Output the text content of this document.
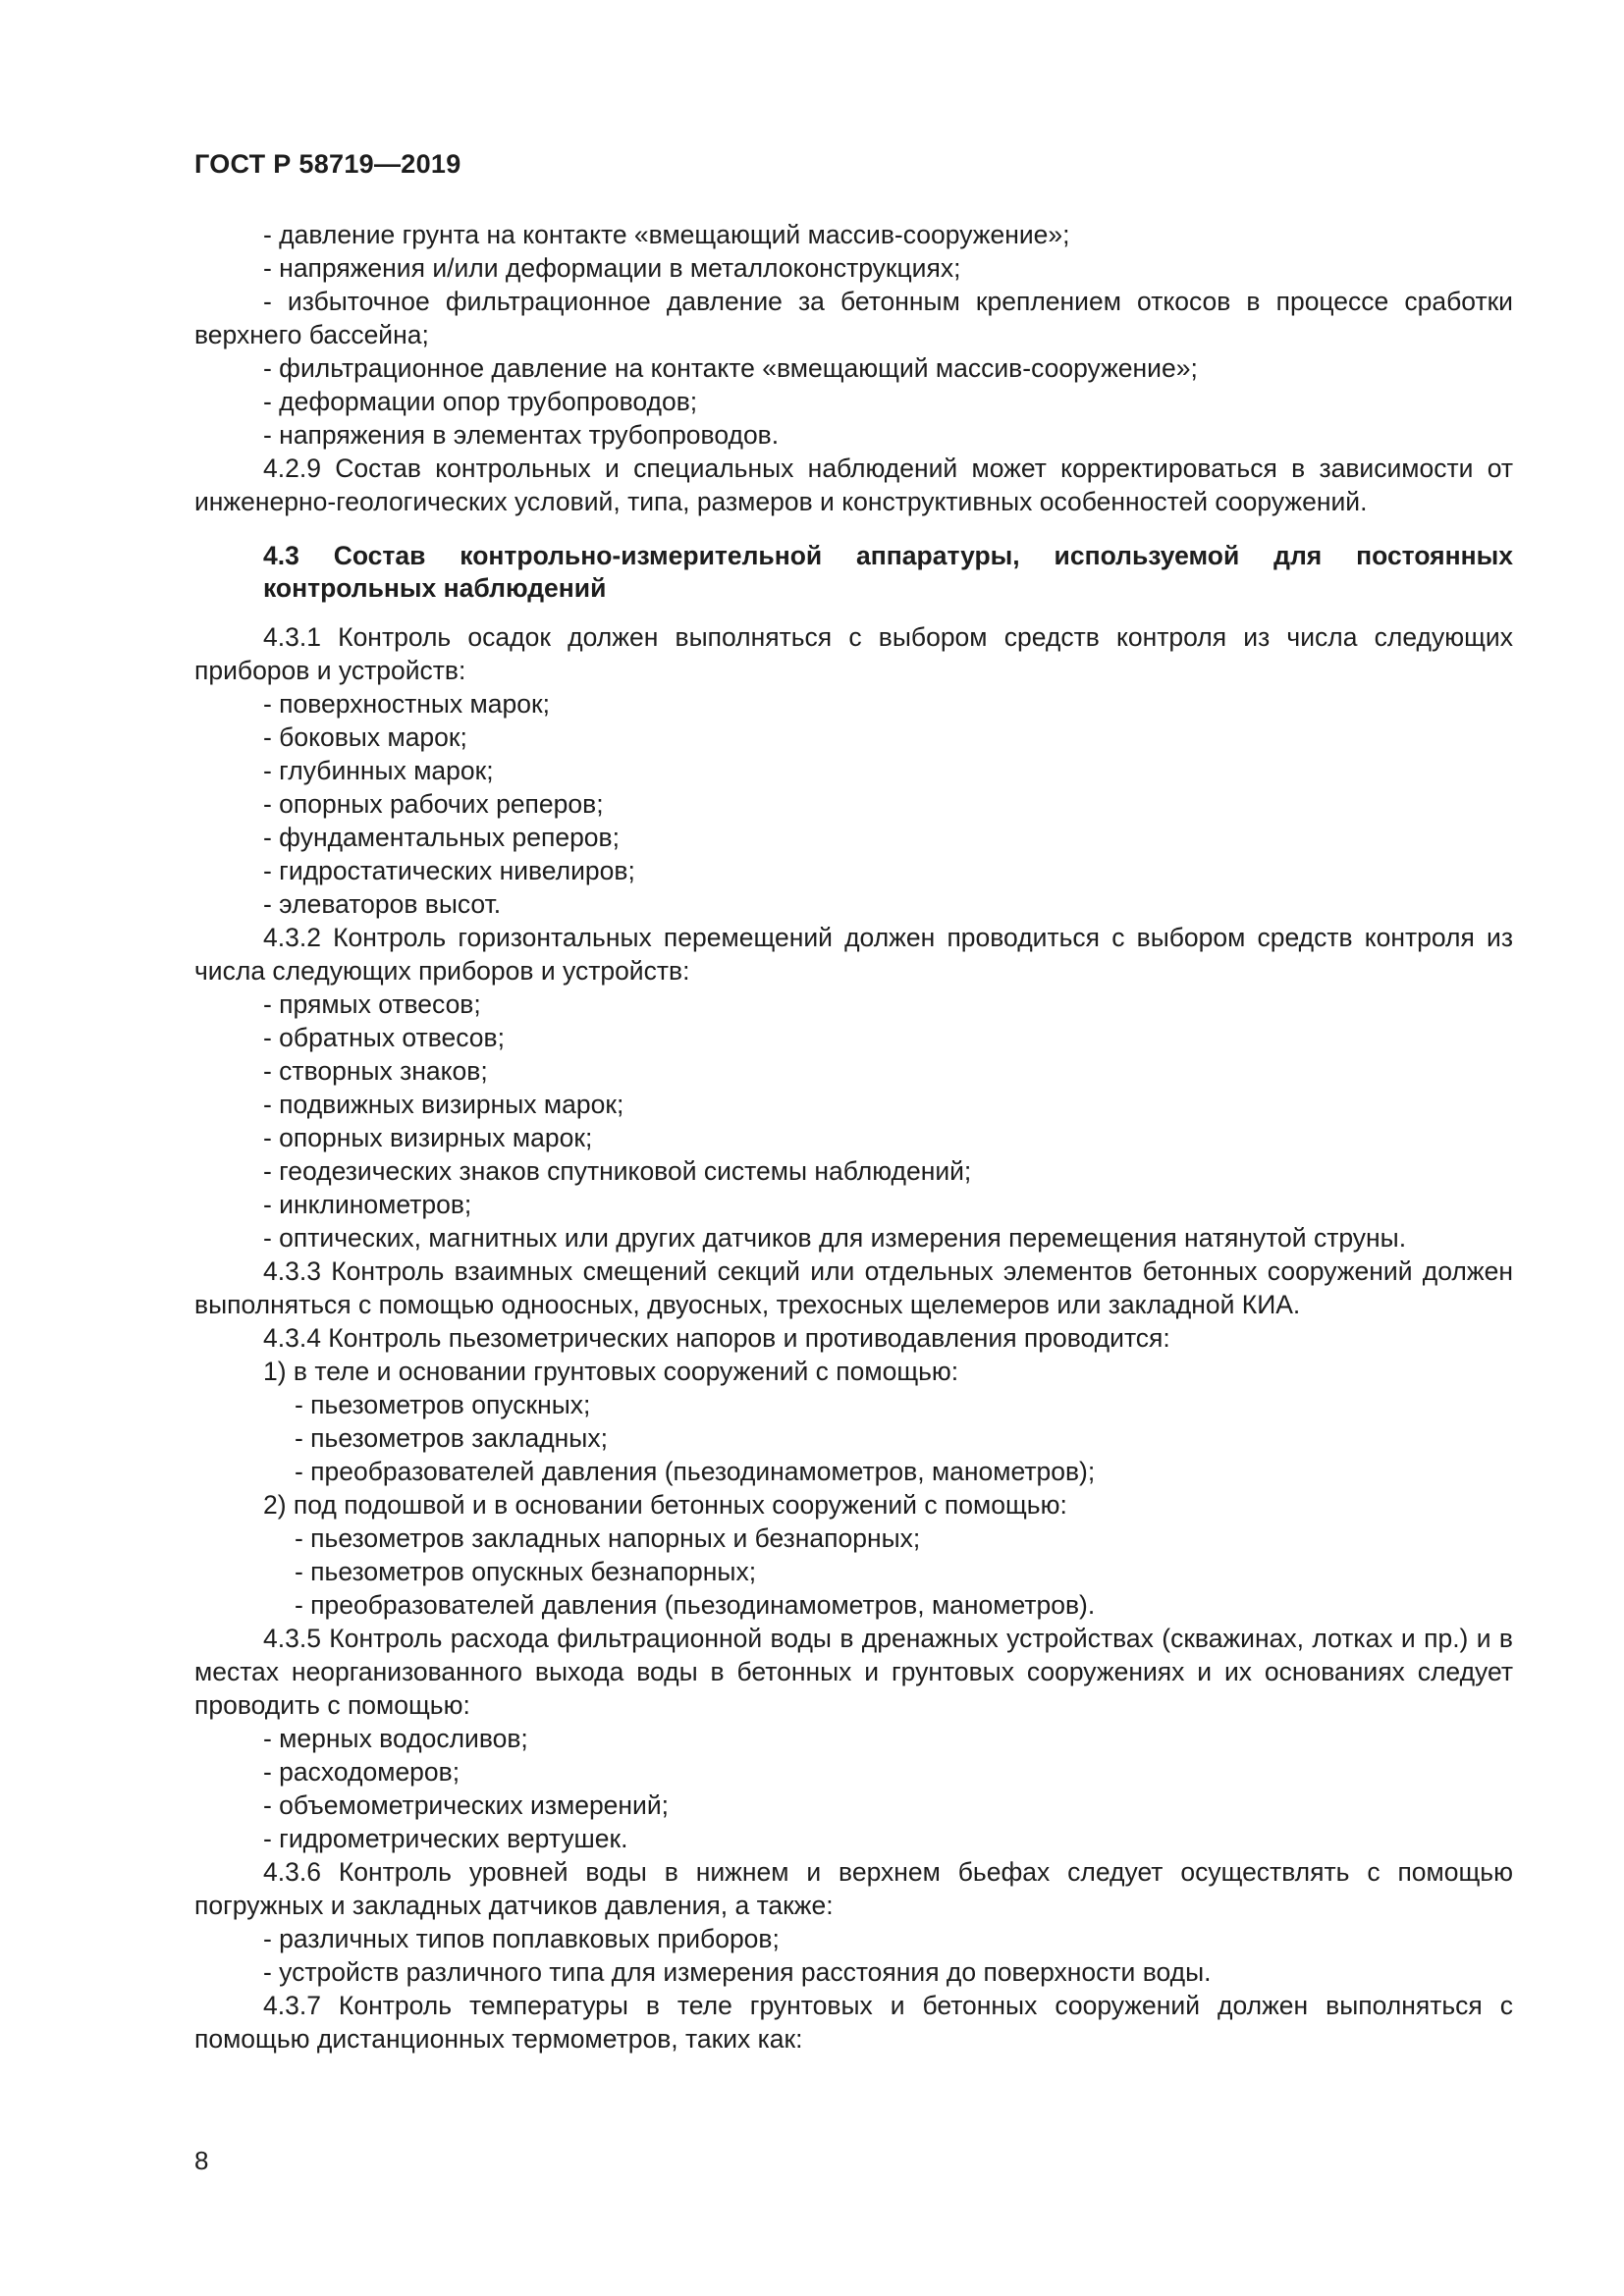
ГОСТ Р 58719—2019

- давление грунта на контакте «вмещающий массив-сооружение»;

- напряжения и/или деформации в металлоконструкциях;

- избыточное фильтрационное давление за бетонным креплением откосов в процессе сработки верхнего бассейна;

- фильтрационное давление на контакте «вмещающий массив-сооружение»;

- деформации опор трубопроводов;

- напряжения в элементах трубопроводов.

4.2.9 Состав контрольных и специальных наблюдений может корректироваться в зависимости от инженерно-геологических условий, типа, размеров и конструктивных особенностей сооружений.

4.3 Состав контрольно-измерительной аппаратуры, используемой для постоянных контрольных наблюдений

4.3.1 Контроль осадок должен выполняться с выбором средств контроля из числа следующих приборов и устройств:

- поверхностных марок;

- боковых марок;

- глубинных марок;

- опорных рабочих реперов;

- фундаментальных реперов;

- гидростатических нивелиров;

- элеваторов высот.

4.3.2 Контроль горизонтальных перемещений должен проводиться с выбором средств контроля из числа следующих приборов и устройств:

- прямых отвесов;

- обратных отвесов;

- створных знаков;

- подвижных визирных марок;

- опорных визирных марок;

- геодезических знаков спутниковой системы наблюдений;

- инклинометров;

- оптических, магнитных или других датчиков для измерения перемещения натянутой струны.

4.3.3 Контроль взаимных смещений секций или отдельных элементов бетонных сооружений должен выполняться с помощью одноосных, двуосных, трехосных щелемеров или закладной КИА.

4.3.4 Контроль пьезометрических напоров и противодавления проводится:

1) в теле и основании грунтовых сооружений с помощью:

- пьезометров опускных;

- пьезометров закладных;

- преобразователей давления (пьезодинамометров, манометров);

2) под подошвой и в основании бетонных сооружений с помощью:

- пьезометров закладных напорных и безнапорных;

- пьезометров опускных безнапорных;

- преобразователей давления (пьезодинамометров, манометров).

4.3.5 Контроль расхода фильтрационной воды в дренажных устройствах (скважинах, лотках и пр.) и в местах неорганизованного выхода воды в бетонных и грунтовых сооружениях и их основаниях следует проводить с помощью:

- мерных водосливов;

- расходомеров;

- объемометрических измерений;

- гидрометрических вертушек.

4.3.6 Контроль уровней воды в нижнем и верхнем бьефах следует осуществлять с помощью погружных и закладных датчиков давления, а также:

- различных типов поплавковых приборов;

- устройств различного типа для измерения расстояния до поверхности воды.

4.3.7 Контроль температуры в теле грунтовых и бетонных сооружений должен выполняться с помощью дистанционных термометров, таких как:

8
